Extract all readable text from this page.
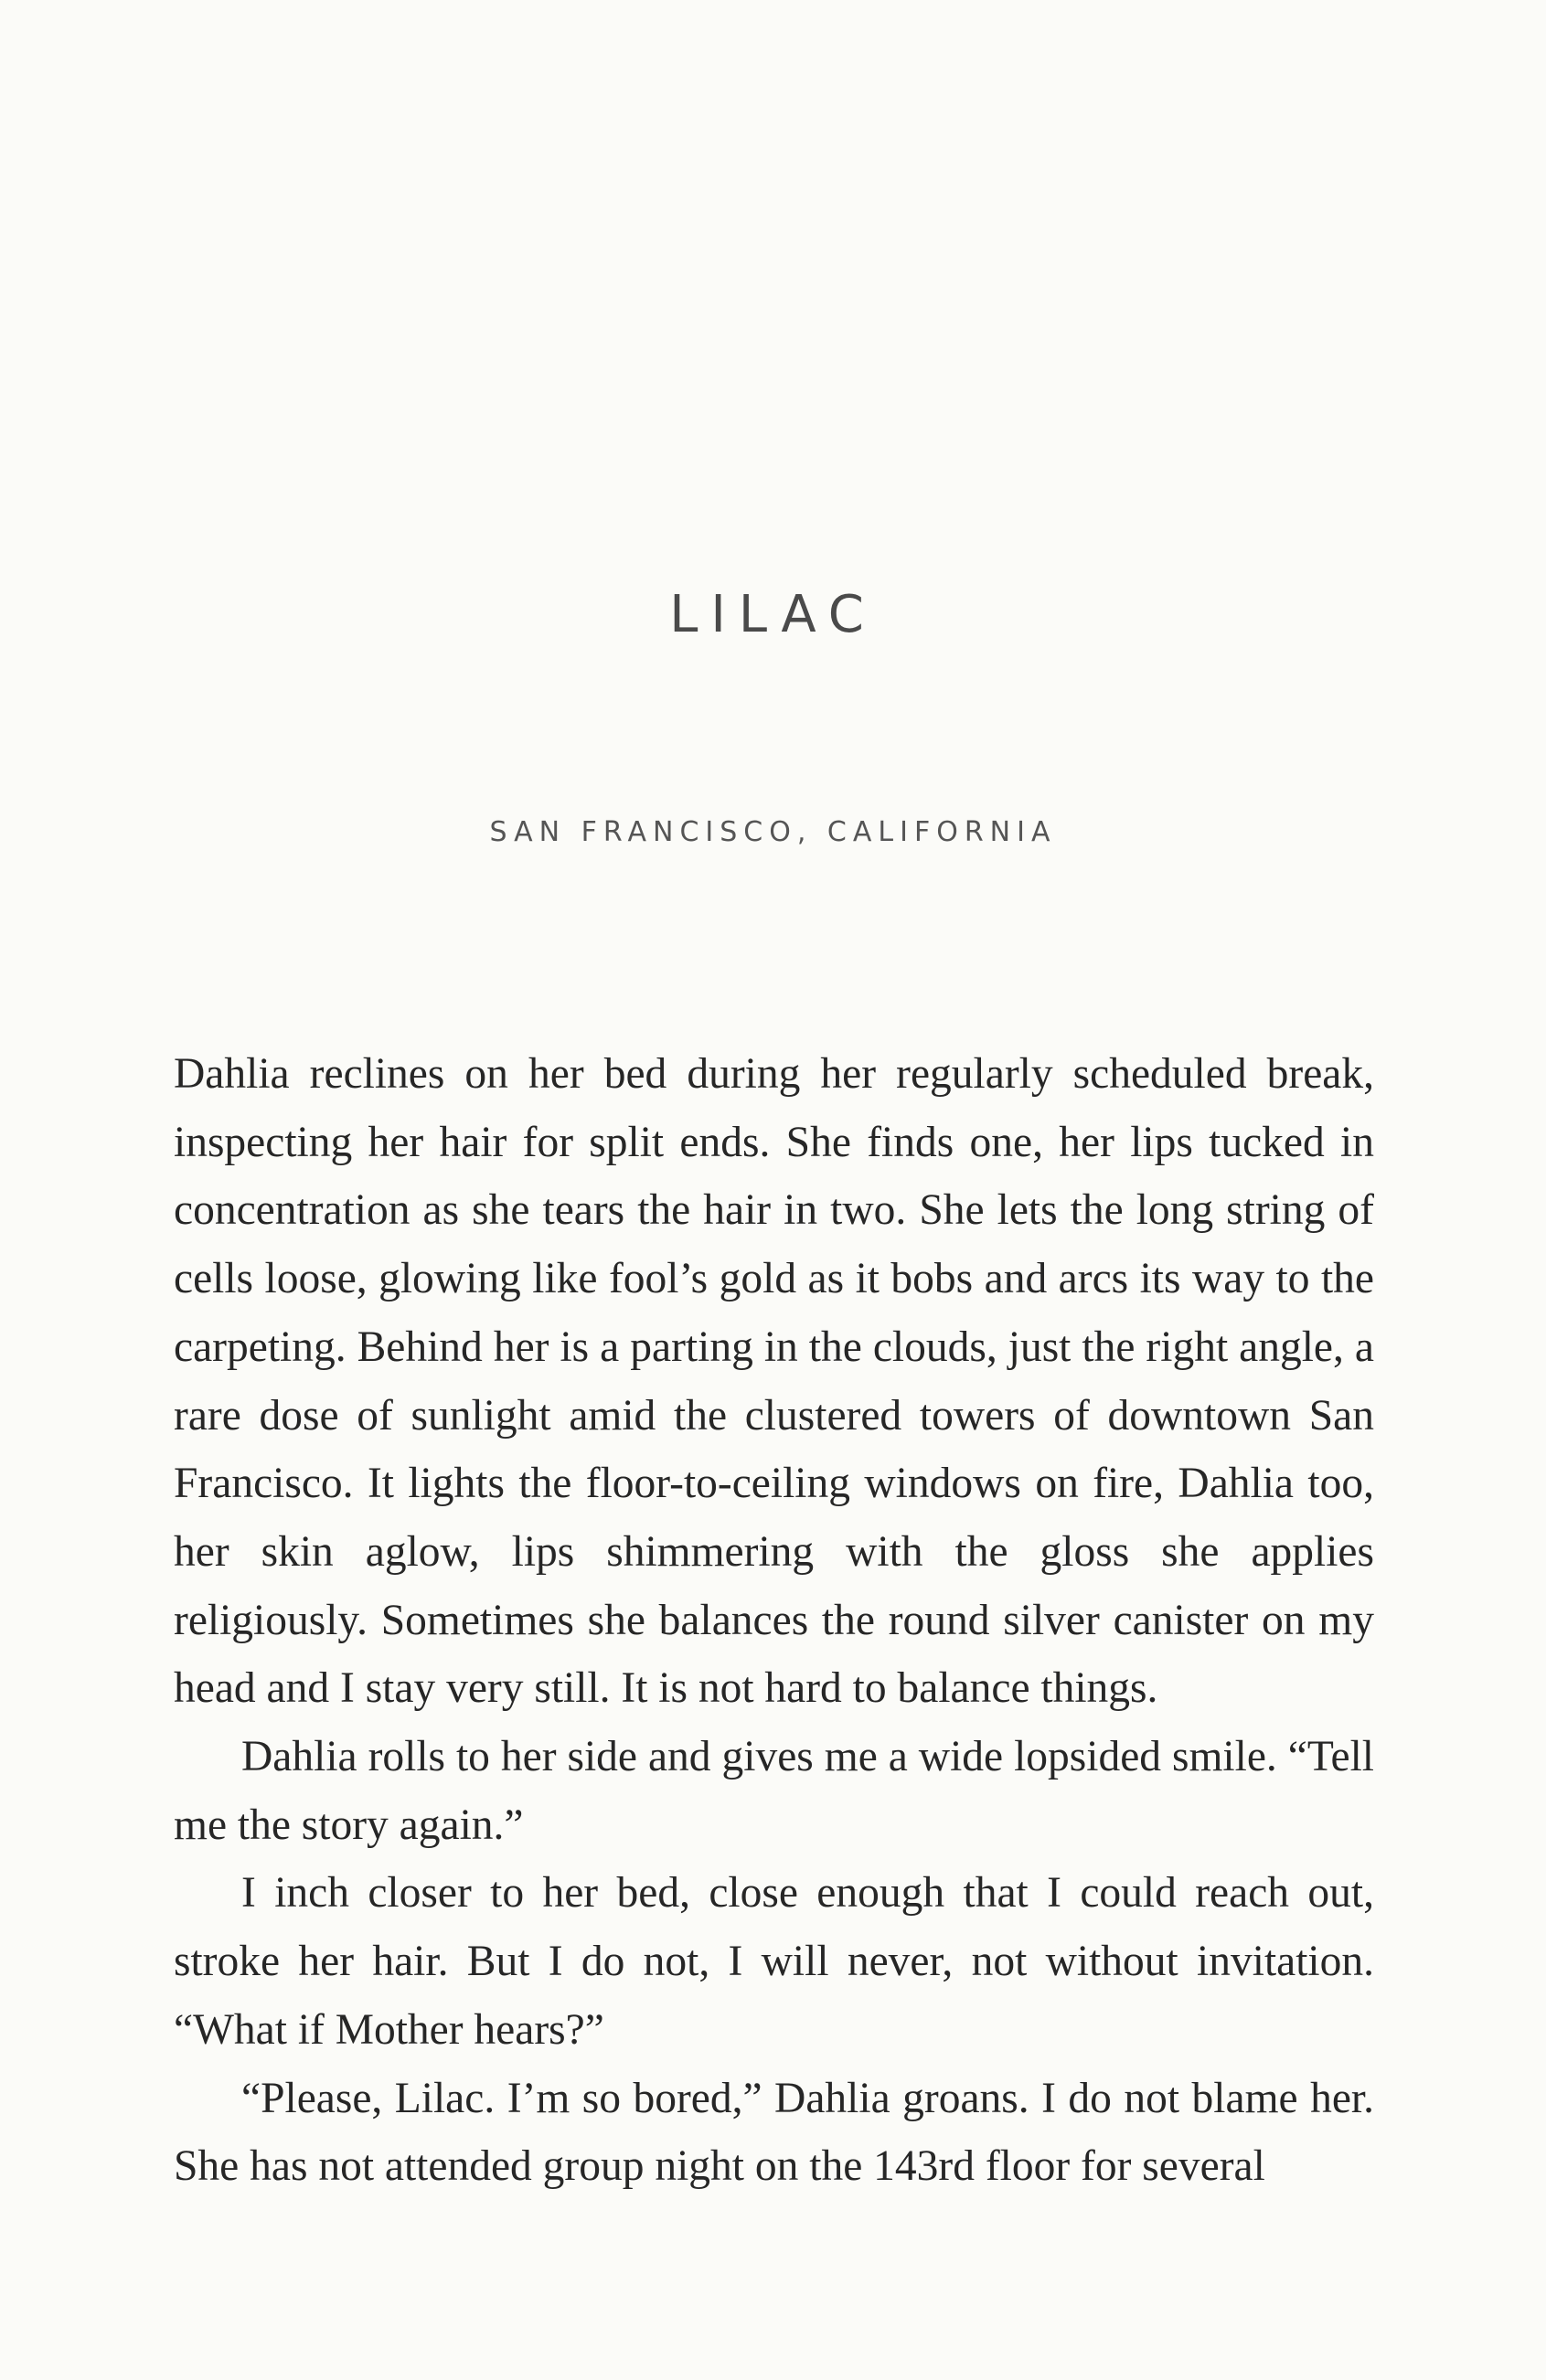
LILAC
SAN FRANCISCO, CALIFORNIA

Dahlia reclines on her bed during her regularly scheduled break, inspecting her hair for split ends. She finds one, her lips tucked in concentration as she tears the hair in two. She lets the long string of cells loose, glowing like fool’s gold as it bobs and arcs its way to the carpeting. Behind her is a parting in the clouds, just the right angle, a rare dose of sunlight amid the clustered towers of downtown San Francisco. It lights the floor-to-ceiling windows on fire, Dahlia too, her skin aglow, lips shimmering with the gloss she applies religiously. Sometimes she balances the round silver canister on my head and I stay very still. It is not hard to balance things.

Dahlia rolls to her side and gives me a wide lopsided smile. “Tell me the story again.”

I inch closer to her bed, close enough that I could reach out, stroke her hair. But I do not, I will never, not without invitation. “What if Mother hears?”

“Please, Lilac. I’m so bored,” Dahlia groans. I do not blame her. She has not attended group night on the 143rd floor for several
